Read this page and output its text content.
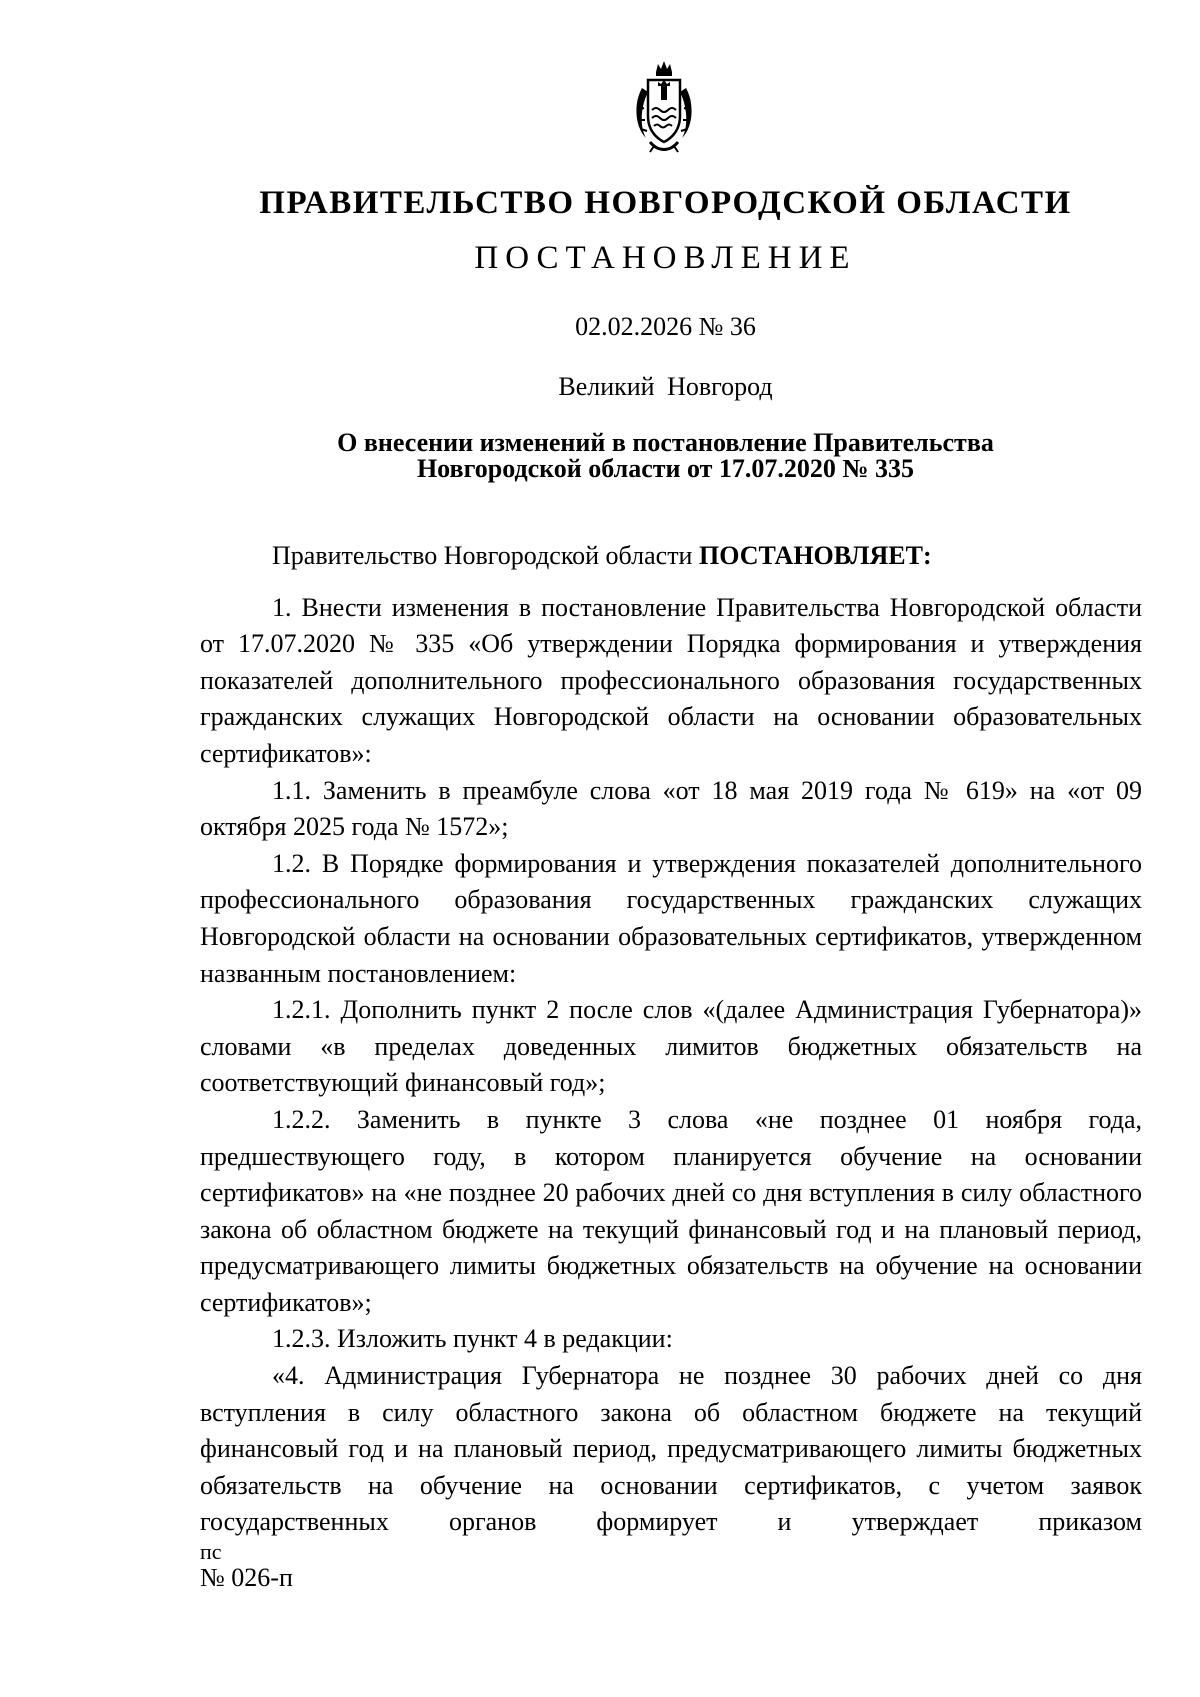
ПРАВИТЕЛЬСТВО НОВГОРОДСКОЙ ОБЛАСТИ
ПОСТАНОВЛЕНИЕ
02.02.2026 № 36
Великий Новгород
О внесении изменений в постановление Правительства
Новгородской области от 17.07.2020 № 335

Правительство Новгородской области ПОСТАНОВЛЯЕТ:

1. Внести изменения в постановление Правительства Новгородской области от 17.07.2020 № 335 «Об утверждении Порядка формирования и утверждения показателей дополнительного профессионального образования государственных гражданских служащих Новгородской области на основании образовательных сертификатов»:

1.1. Заменить в преамбуле слова «от 18 мая 2019 года № 619» на «от 09 октября 2025 года № 1572»;

1.2. В Порядке формирования и утверждения показателей дополнительного профессионального образования государственных гражданских служащих Новгородской области на основании образовательных сертификатов, утвержденном названным постановлением:

1.2.1. Дополнить пункт 2 после слов «(далее Администрация Губернатора)» словами «в пределах доведенных лимитов бюджетных обязательств на соответствующий финансовый год»;

1.2.2. Заменить в пункте 3 слова «не позднее 01 ноября года, предшествующего году, в котором планируется обучение на основании сертификатов» на «не позднее 20 рабочих дней со дня вступления в силу областного закона об областном бюджете на текущий финансовый год и на плановый период, предусматривающего лимиты бюджетных обязательств на обучение на основании сертификатов»;

1.2.3. Изложить пункт 4 в редакции:

«4. Администрация Губернатора не позднее 30 рабочих дней со дня вступления в силу областного закона об областном бюджете на текущий финансовый год и на плановый период, предусматривающего лимиты бюджетных обязательств на обучение на основании сертификатов, с учетом заявок государственных органов формирует и утверждает приказом

пс
№ 026-п
